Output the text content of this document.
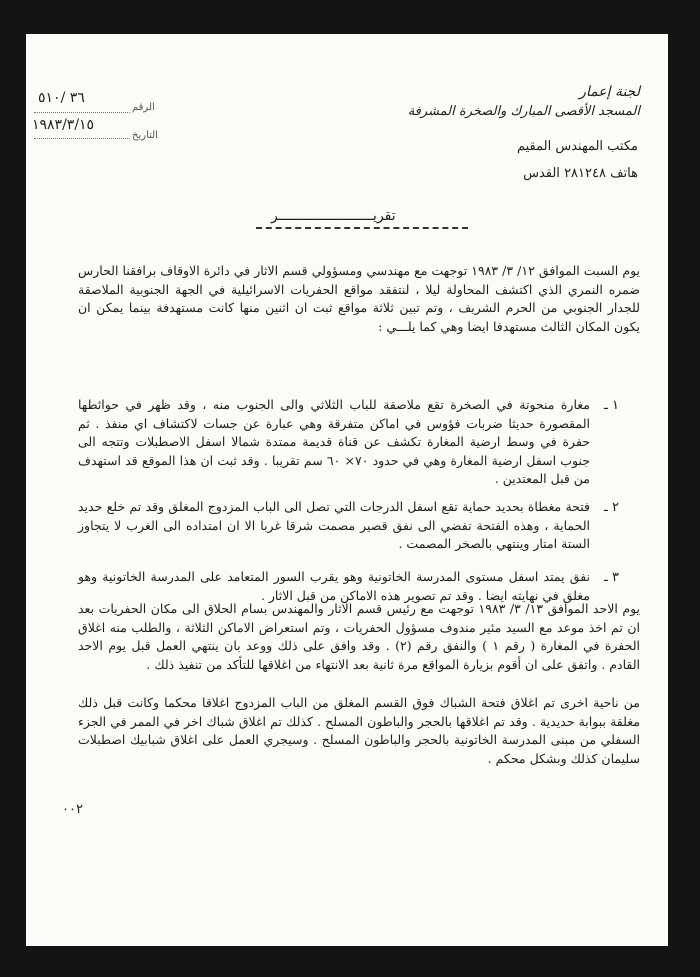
٣٦ /٥١٠
الرقم
١٩٨٣/٣/١٥
التاريخ
لجنة إعمار
المسجد الأقصى المبارك والصخرة المشرفة
مكتب المهندس المقيم
هاتف ٢٨١٢٤٨ القدس
تقريـــــــــــــــــــــــر
يوم السبت الموافق ١٢/ ٣/ ١٩٨٣ توجهت مع مهندسي ومسؤولي قسم الاثار في دائرة الاوقاف برافقنا الحارس ضمره النمري الذي اكتشف المحاولة ليلا ، لنتفقد مواقع الحفريات الاسرائيلية في الجهة الجنوبية الملاصقة للجدار الجنوبي من الحرم الشريف ، وتم تبين ثلاثة مواقع ثبت ان اثنين منها كانت مستهدفة بينما يمكن ان يكون المكان الثالث مستهدفا ايضا وهي كما يلـــي :
١ ـ
مغارة منحوتة في الصخرة تقع ملاصقة للباب الثلاثي والى الجنوب منه ، وقد ظهر في حوائطها المقصورة حديثا ضربات فؤوس في اماكن متفرقة وهي عبارة عن جسات لاكتشاف اي منفذ . ثم حفرة في وسط ارضية المغارة تكشف عن قناة قديمة ممتدة شمالا اسفل الاصطبلات وتتجه الى جنوب اسفل ارضية المغارة وهي في حدود ٧٠× ٦٠ سم تقريبا . وقد ثبت ان هذا الموقع قد استهدف من قبل المعتدين .
٢ ـ
فتحة مغطاة بحديد حماية تقع اسفل الدرجات التي تصل الى الباب المزدوج المغلق وقد تم خلع حديد الحماية ، وهذه الفتحة تفضي الى نفق قصير مصمت شرقا غربا الا ان امتداده الى الغرب لا يتجاوز الستة امتار وينتهي بالصخر المصمت .
٣ ـ
نفق يمتد اسفل مستوى المدرسة الخاتونية وهو يقرب السور المتعامد على المدرسة الخاتونية وهو مغلق في نهايته ايضا . وقد تم تصوير هذه الاماكن من قبل الاثار .
يوم الاحد الموافق ١٣/ ٣/ ١٩٨٣ توجهت مع رئيس قسم الاثار والمهندس بسام الحلاق الى مكان الحفريات بعد ان تم اخذ موعد مع السيد مئير مندوف مسؤول الحفريات ، وتم استعراض الاماكن الثلاثة ، والطلب منه اغلاق الحفرة في المغارة ( رقم ١ ) والنفق رقم (٢) . وقد وافق على ذلك ووعد بان ينتهي العمل قبل يوم الاحد القادم . واتفق على ان أقوم بزيارة المواقع مرة ثانية بعد الانتهاء من اغلاقها للتأكد من تنفيذ ذلك .
من ناحية اخرى تم اغلاق فتحة الشباك فوق القسم المغلق من الباب المزدوج اغلاقا محكما وكانت قبل ذلك مغلقة ببوابة حديدية . وقد تم اغلاقها بالحجر والباطون المسلح . كذلك تم اغلاق شباك اخر في الممر في الجزء السفلي من مبنى المدرسة الخاتونية بالحجر والباطون المسلح . وسيجري العمل على اغلاق شبابيك اصطبلات سليمان كذلك وبشكل محكم .
٠٠٢
